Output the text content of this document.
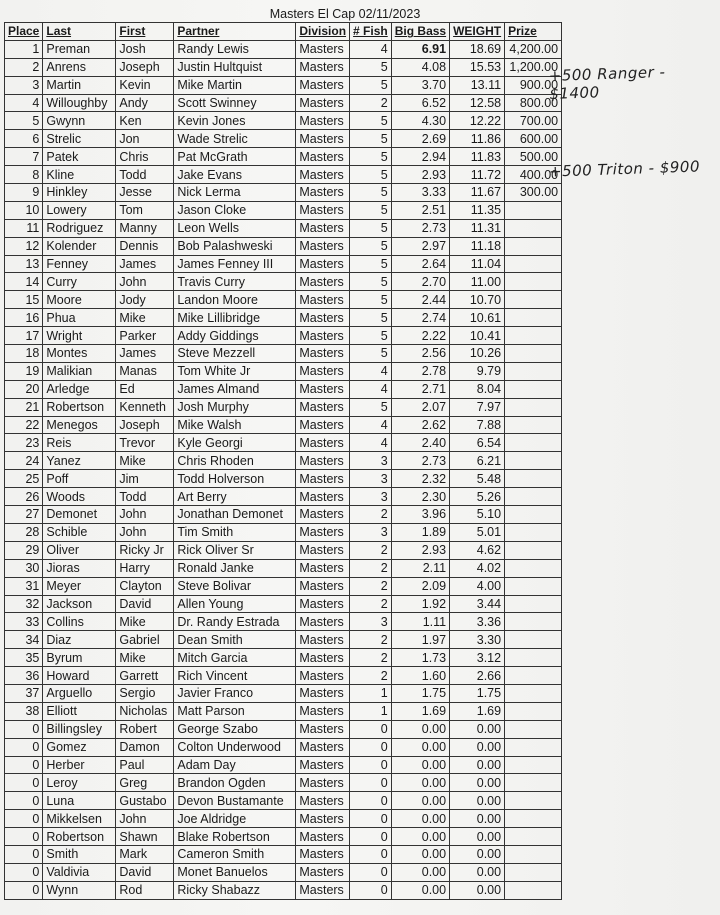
Masters El Cap 02/11/2023
Place	Last	First	Partner	Division	# Fish	Big Bass	WEIGHT	Prize
1	Preman	Josh	Randy Lewis	Masters	4	6.91	18.69	4,200.00
2	Anrens	Joseph	Justin Hultquist	Masters	5	4.08	15.53	1,200.00
3	Martin	Kevin	Mike Martin	Masters	5	3.70	13.11	900.00
4	Willoughby	Andy	Scott Swinney	Masters	2	6.52	12.58	800.00
5	Gwynn	Ken	Kevin Jones	Masters	5	4.30	12.22	700.00
6	Strelic	Jon	Wade Strelic	Masters	5	2.69	11.86	600.00
7	Patek	Chris	Pat McGrath	Masters	5	2.94	11.83	500.00
8	Kline	Todd	Jake Evans	Masters	5	2.93	11.72	400.00
9	Hinkley	Jesse	Nick Lerma	Masters	5	3.33	11.67	300.00
10	Lowery	Tom	Jason Cloke	Masters	5	2.51	11.35	
11	Rodriguez	Manny	Leon Wells	Masters	5	2.73	11.31	
12	Kolender	Dennis	Bob Palashweski	Masters	5	2.97	11.18	
13	Fenney	James	James Fenney III	Masters	5	2.64	11.04	
14	Curry	John	Travis Curry	Masters	5	2.70	11.00	
15	Moore	Jody	Landon Moore	Masters	5	2.44	10.70	
16	Phua	Mike	Mike Lillibridge	Masters	5	2.74	10.61	
17	Wright	Parker	Addy Giddings	Masters	5	2.22	10.41	
18	Montes	James	Steve Mezzell	Masters	5	2.56	10.26	
19	Malikian	Manas	Tom White Jr	Masters	4	2.78	9.79	
20	Arledge	Ed	James Almand	Masters	4	2.71	8.04	
21	Robertson	Kenneth	Josh Murphy	Masters	5	2.07	7.97	
22	Menegos	Joseph	Mike Walsh	Masters	4	2.62	7.88	
23	Reis	Trevor	Kyle Georgi	Masters	4	2.40	6.54	
24	Yanez	Mike	Chris Rhoden	Masters	3	2.73	6.21	
25	Poff	Jim	Todd Holverson	Masters	3	2.32	5.48	
26	Woods	Todd	Art Berry	Masters	3	2.30	5.26	
27	Demonet	John	Jonathan Demonet	Masters	2	3.96	5.10	
28	Schible	John	Tim Smith	Masters	3	1.89	5.01	
29	Oliver	Ricky Jr	Rick Oliver Sr	Masters	2	2.93	4.62	
30	Jioras	Harry	Ronald Janke	Masters	2	2.11	4.02	
31	Meyer	Clayton	Steve Bolivar	Masters	2	2.09	4.00	
32	Jackson	David	Allen Young	Masters	2	1.92	3.44	
33	Collins	Mike	Dr. Randy Estrada	Masters	3	1.11	3.36	
34	Diaz	Gabriel	Dean Smith	Masters	2	1.97	3.30	
35	Byrum	Mike	Mitch Garcia	Masters	2	1.73	3.12	
36	Howard	Garrett	Rich Vincent	Masters	2	1.60	2.66	
37	Arguello	Sergio	Javier Franco	Masters	1	1.75	1.75	
38	Elliott	Nicholas	Matt Parson	Masters	1	1.69	1.69	
0	Billingsley	Robert	George Szabo	Masters	0	0.00	0.00	
0	Gomez	Damon	Colton Underwood	Masters	0	0.00	0.00	
0	Herber	Paul	Adam Day	Masters	0	0.00	0.00	
0	Leroy	Greg	Brandon Ogden	Masters	0	0.00	0.00	
0	Luna	Gustabo	Devon Bustamante	Masters	0	0.00	0.00	
0	Mikkelsen	John	Joe Aldridge	Masters	0	0.00	0.00	
0	Robertson	Shawn	Blake Robertson	Masters	0	0.00	0.00	
0	Smith	Mark	Cameron Smith	Masters	0	0.00	0.00	
0	Valdivia	David	Monet Banuelos	Masters	0	0.00	0.00	
0	Wynn	Rod	Ricky Shabazz	Masters	0	0.00	0.00	
+500 Ranger - $1400
+500 Triton - $900
